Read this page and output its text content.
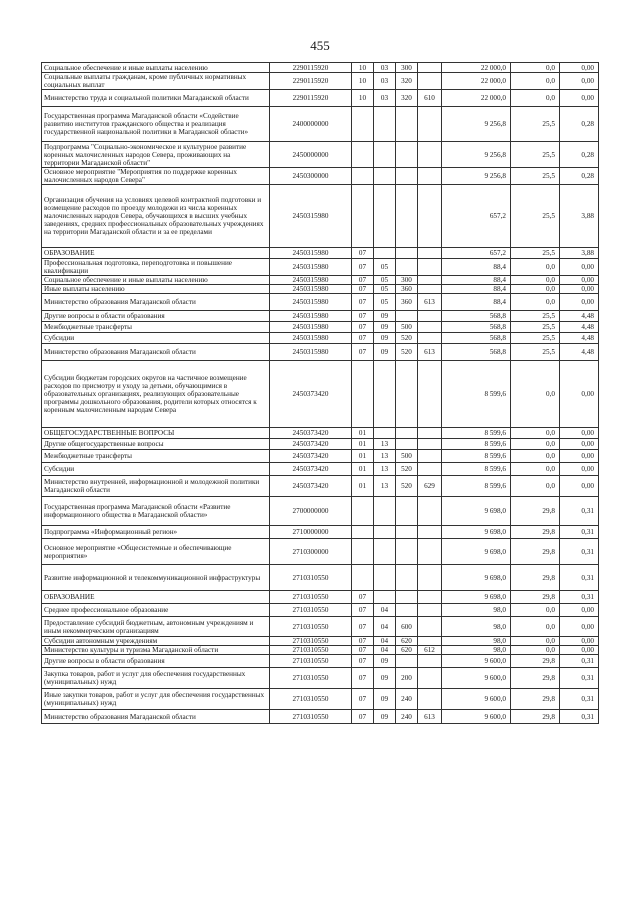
455
Социальное обеспечение и иные выплаты населению	2290115920	10	03	300		22 000,0	0,0	0,00
Социальные выплаты гражданам, кроме публичных нормативных социальных выплат	2290115920	10	03	320		22 000,0	0,0	0,00
Министерство труда и социальной политики Магаданской области	2290115920	10	03	320	610	22 000,0	0,0	0,00
Государственная программа Магаданской области «Содействие развитию институтов гражданского общества и реализация государственной национальной политики в Магаданской области»	2400000000					9 256,8	25,5	0,28
Подпрограмма "Социально-экономическое и культурное развитие коренных малочисленных народов Севера, проживающих на территории Магаданской области"	2450000000					9 256,8	25,5	0,28
Основное мероприятие "Мероприятия по поддержке коренных малочисленных народов Севера"	2450300000					9 256,8	25,5	0,28
Организация обучения на условиях целевой контрактной подготовки и возмещение расходов по проезду молодежи из числа коренных малочисленных народов Севера, обучающихся в высших учебных заведениях, средних профессиональных образовательных учреждениях на территории Магаданской области и за ее пределами	2450315980					657,2	25,5	3,88
ОБРАЗОВАНИЕ	2450315980	07				657,2	25,5	3,88
Профессиональная подготовка, переподготовка и повышение квалификации	2450315980	07	05			88,4	0,0	0,00
Социальное обеспечение и иные выплаты населению	2450315980	07	05	300		88,4	0,0	0,00
Иные выплаты населению	2450315980	07	05	360		88,4	0,0	0,00
Министерство образования Магаданской области	2450315980	07	05	360	613	88,4	0,0	0,00
Другие вопросы в области образования	2450315980	07	09			568,8	25,5	4,48
Межбюджетные трансферты	2450315980	07	09	500		568,8	25,5	4,48
Субсидии	2450315980	07	09	520		568,8	25,5	4,48
Министерство образования Магаданской области	2450315980	07	09	520	613	568,8	25,5	4,48
Субсидии бюджетам городских округов на частичное возмещение расходов по присмотру и уходу за детьми, обучающимися в образовательных организациях, реализующих образовательные программы дошкольного образования, родители которых относятся к коренным малочисленным народам Севера	2450373420					8 599,6	0,0	0,00
ОБЩЕГОСУДАРСТВЕННЫЕ ВОПРОСЫ	2450373420	01				8 599,6	0,0	0,00
Другие общегосударственные вопросы	2450373420	01	13			8 599,6	0,0	0,00
Межбюджетные трансферты	2450373420	01	13	500		8 599,6	0,0	0,00
Субсидии	2450373420	01	13	520		8 599,6	0,0	0,00
Министерство внутренней, информационной и молодежной политики Магаданской области	2450373420	01	13	520	629	8 599,6	0,0	0,00
Государственная программа Магаданской области «Развитие информационного общества в Магаданской области»	2700000000					9 698,0	29,8	0,31
Подпрограмма «Информационный регион»	2710000000					9 698,0	29,8	0,31
Основное мероприятие «Общесистемные и обеспечивающие мероприятия»	2710300000					9 698,0	29,8	0,31
Развитие информационной и телекоммуникационной инфраструктуры	2710310550					9 698,0	29,8	0,31
ОБРАЗОВАНИЕ	2710310550	07				9 698,0	29,8	0,31
Среднее профессиональное образование	2710310550	07	04			98,0	0,0	0,00
Предоставление субсидий бюджетным, автономным учреждениям и иным некоммерческим организациям	2710310550	07	04	600		98,0	0,0	0,00
Субсидии автономным учреждениям	2710310550	07	04	620		98,0	0,0	0,00
Министерство культуры и туризма Магаданской области	2710310550	07	04	620	612	98,0	0,0	0,00
Другие вопросы в области образования	2710310550	07	09			9 600,0	29,8	0,31
Закупка товаров, работ и услуг для обеспечения государственных (муниципальных) нужд	2710310550	07	09	200		9 600,0	29,8	0,31
Иные закупки товаров, работ и услуг для обеспечения государственных (муниципальных) нужд	2710310550	07	09	240		9 600,0	29,8	0,31
Министерство образования Магаданской области	2710310550	07	09	240	613	9 600,0	29,8	0,31
